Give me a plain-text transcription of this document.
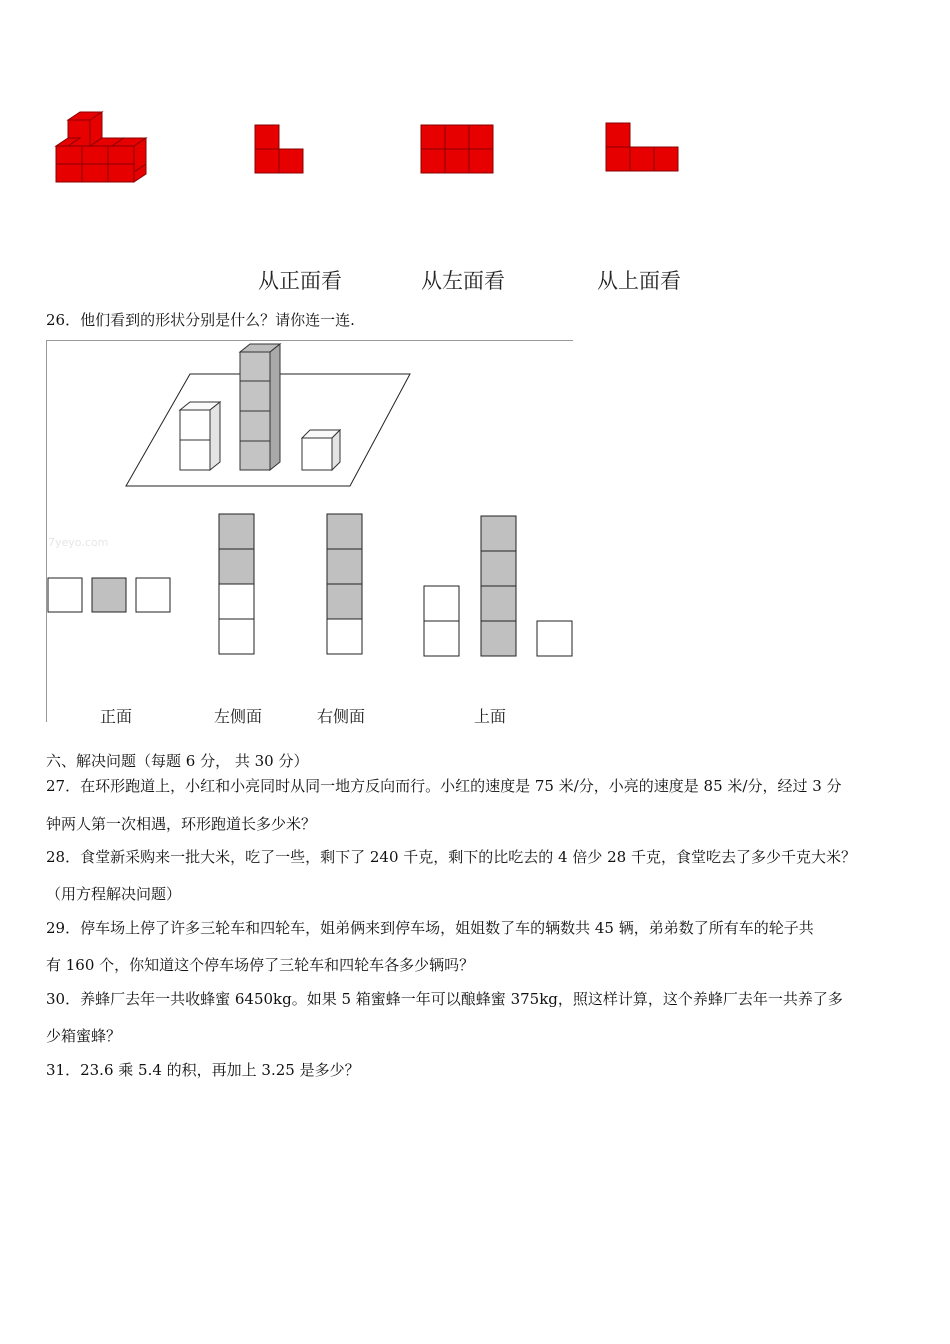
从正面看	从左面看	从上面看
26．他们看到的形状分别是什么？请你连一连.
7yeyo.com
正面	左侧面	右侧面	上面
六、解决问题（每题 6 分， 共 30 分）
27．在环形跑道上，小红和小亮同时从同一地方反向而行。小红的速度是 75 米/分，小亮的速度是 85 米/分，经过 3 分
钟两人第一次相遇，环形跑道长多少米？
28．食堂新采购来一批大米，吃了一些，剩下了 240 千克，剩下的比吃去的 4 倍少 28 千克，食堂吃去了多少千克大米？
（用方程解决问题）
29．停车场上停了许多三轮车和四轮车，姐弟俩来到停车场，姐姐数了车的辆数共 45 辆，弟弟数了所有车的轮子共
有 160 个，你知道这个停车场停了三轮车和四轮车各多少辆吗？
30．养蜂厂去年一共收蜂蜜 6450kg。如果 5 箱蜜蜂一年可以酿蜂蜜 375kg，照这样计算，这个养蜂厂去年一共养了多
少箱蜜蜂？
31．23.6 乘 5.4 的积，再加上 3.25 是多少？
